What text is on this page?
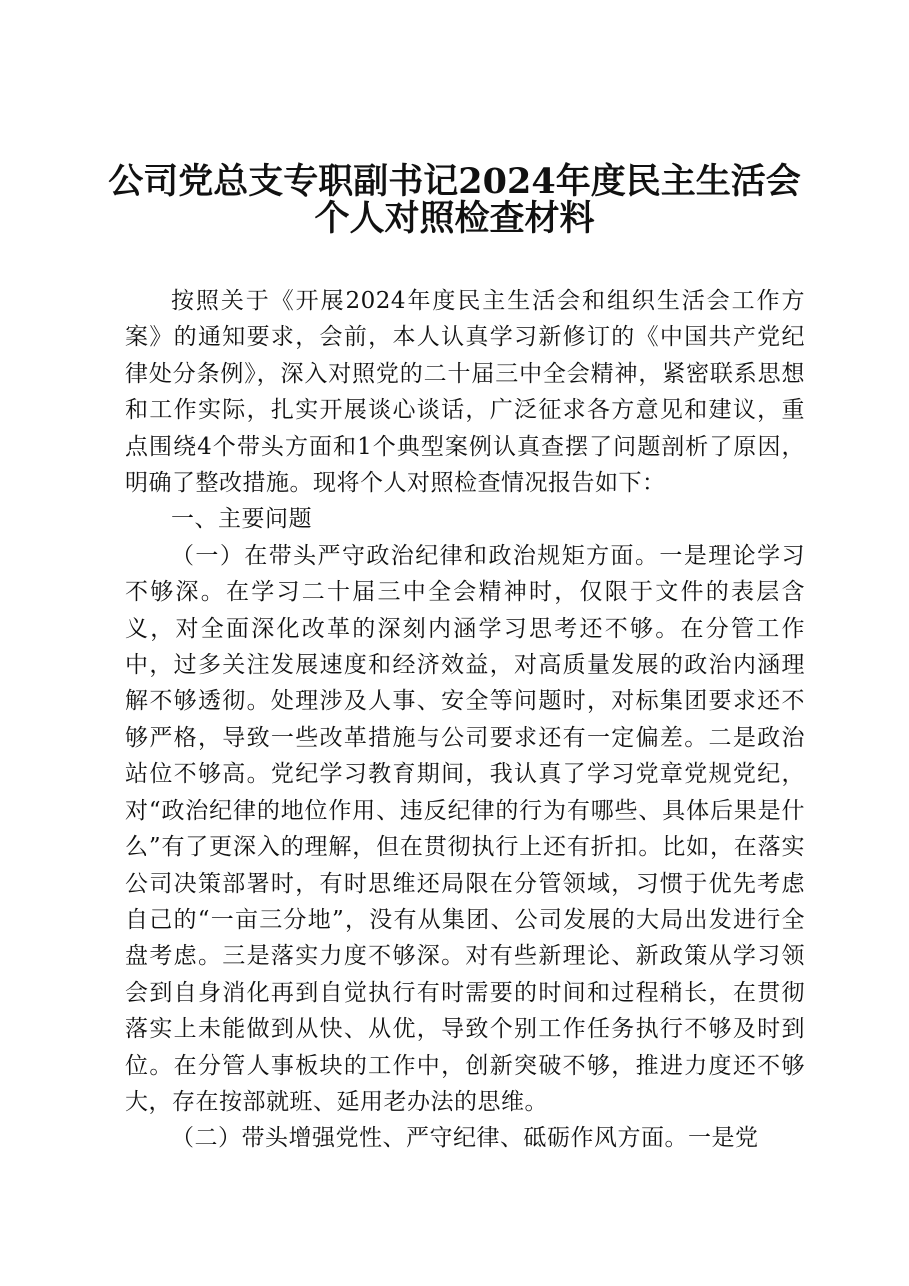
公司党总支专职副书记2024年度民主生活会
个人对照检查材料

按照关于《开展2024年度民主生活会和组织生活会工作方案》的通知要求，会前，本人认真学习新修订的《中国共产党纪律处分条例》，深入对照党的二十届三中全会精神，紧密联系思想和工作实际，扎实开展谈心谈话，广泛征求各方意见和建议，重点围绕4个带头方面和1个典型案例认真查摆了问题剖析了原因，明确了整改措施。现将个人对照检查情况报告如下：

一、主要问题

（一）在带头严守政治纪律和政治规矩方面。一是理论学习不够深。在学习二十届三中全会精神时，仅限于文件的表层含义，对全面深化改革的深刻内涵学习思考还不够。在分管工作中，过多关注发展速度和经济效益，对高质量发展的政治内涵理解不够透彻。处理涉及人事、安全等问题时，对标集团要求还不够严格，导致一些改革措施与公司要求还有一定偏差。二是政治站位不够高。党纪学习教育期间，我认真了学习党章党规党纪，对“政治纪律的地位作用、违反纪律的行为有哪些、具体后果是什么”有了更深入的理解，但在贯彻执行上还有折扣。比如，在落实公司决策部署时，有时思维还局限在分管领域，习惯于优先考虑自己的“一亩三分地”，没有从集团、公司发展的大局出发进行全盘考虑。三是落实力度不够深。对有些新理论、新政策从学习领会到自身消化再到自觉执行有时需要的时间和过程稍长，在贯彻落实上未能做到从快、从优，导致个别工作任务执行不够及时到位。在分管人事板块的工作中，创新突破不够，推进力度还不够大，存在按部就班、延用老办法的思维。

（二）带头增强党性、严守纪律、砥砺作风方面。一是党
